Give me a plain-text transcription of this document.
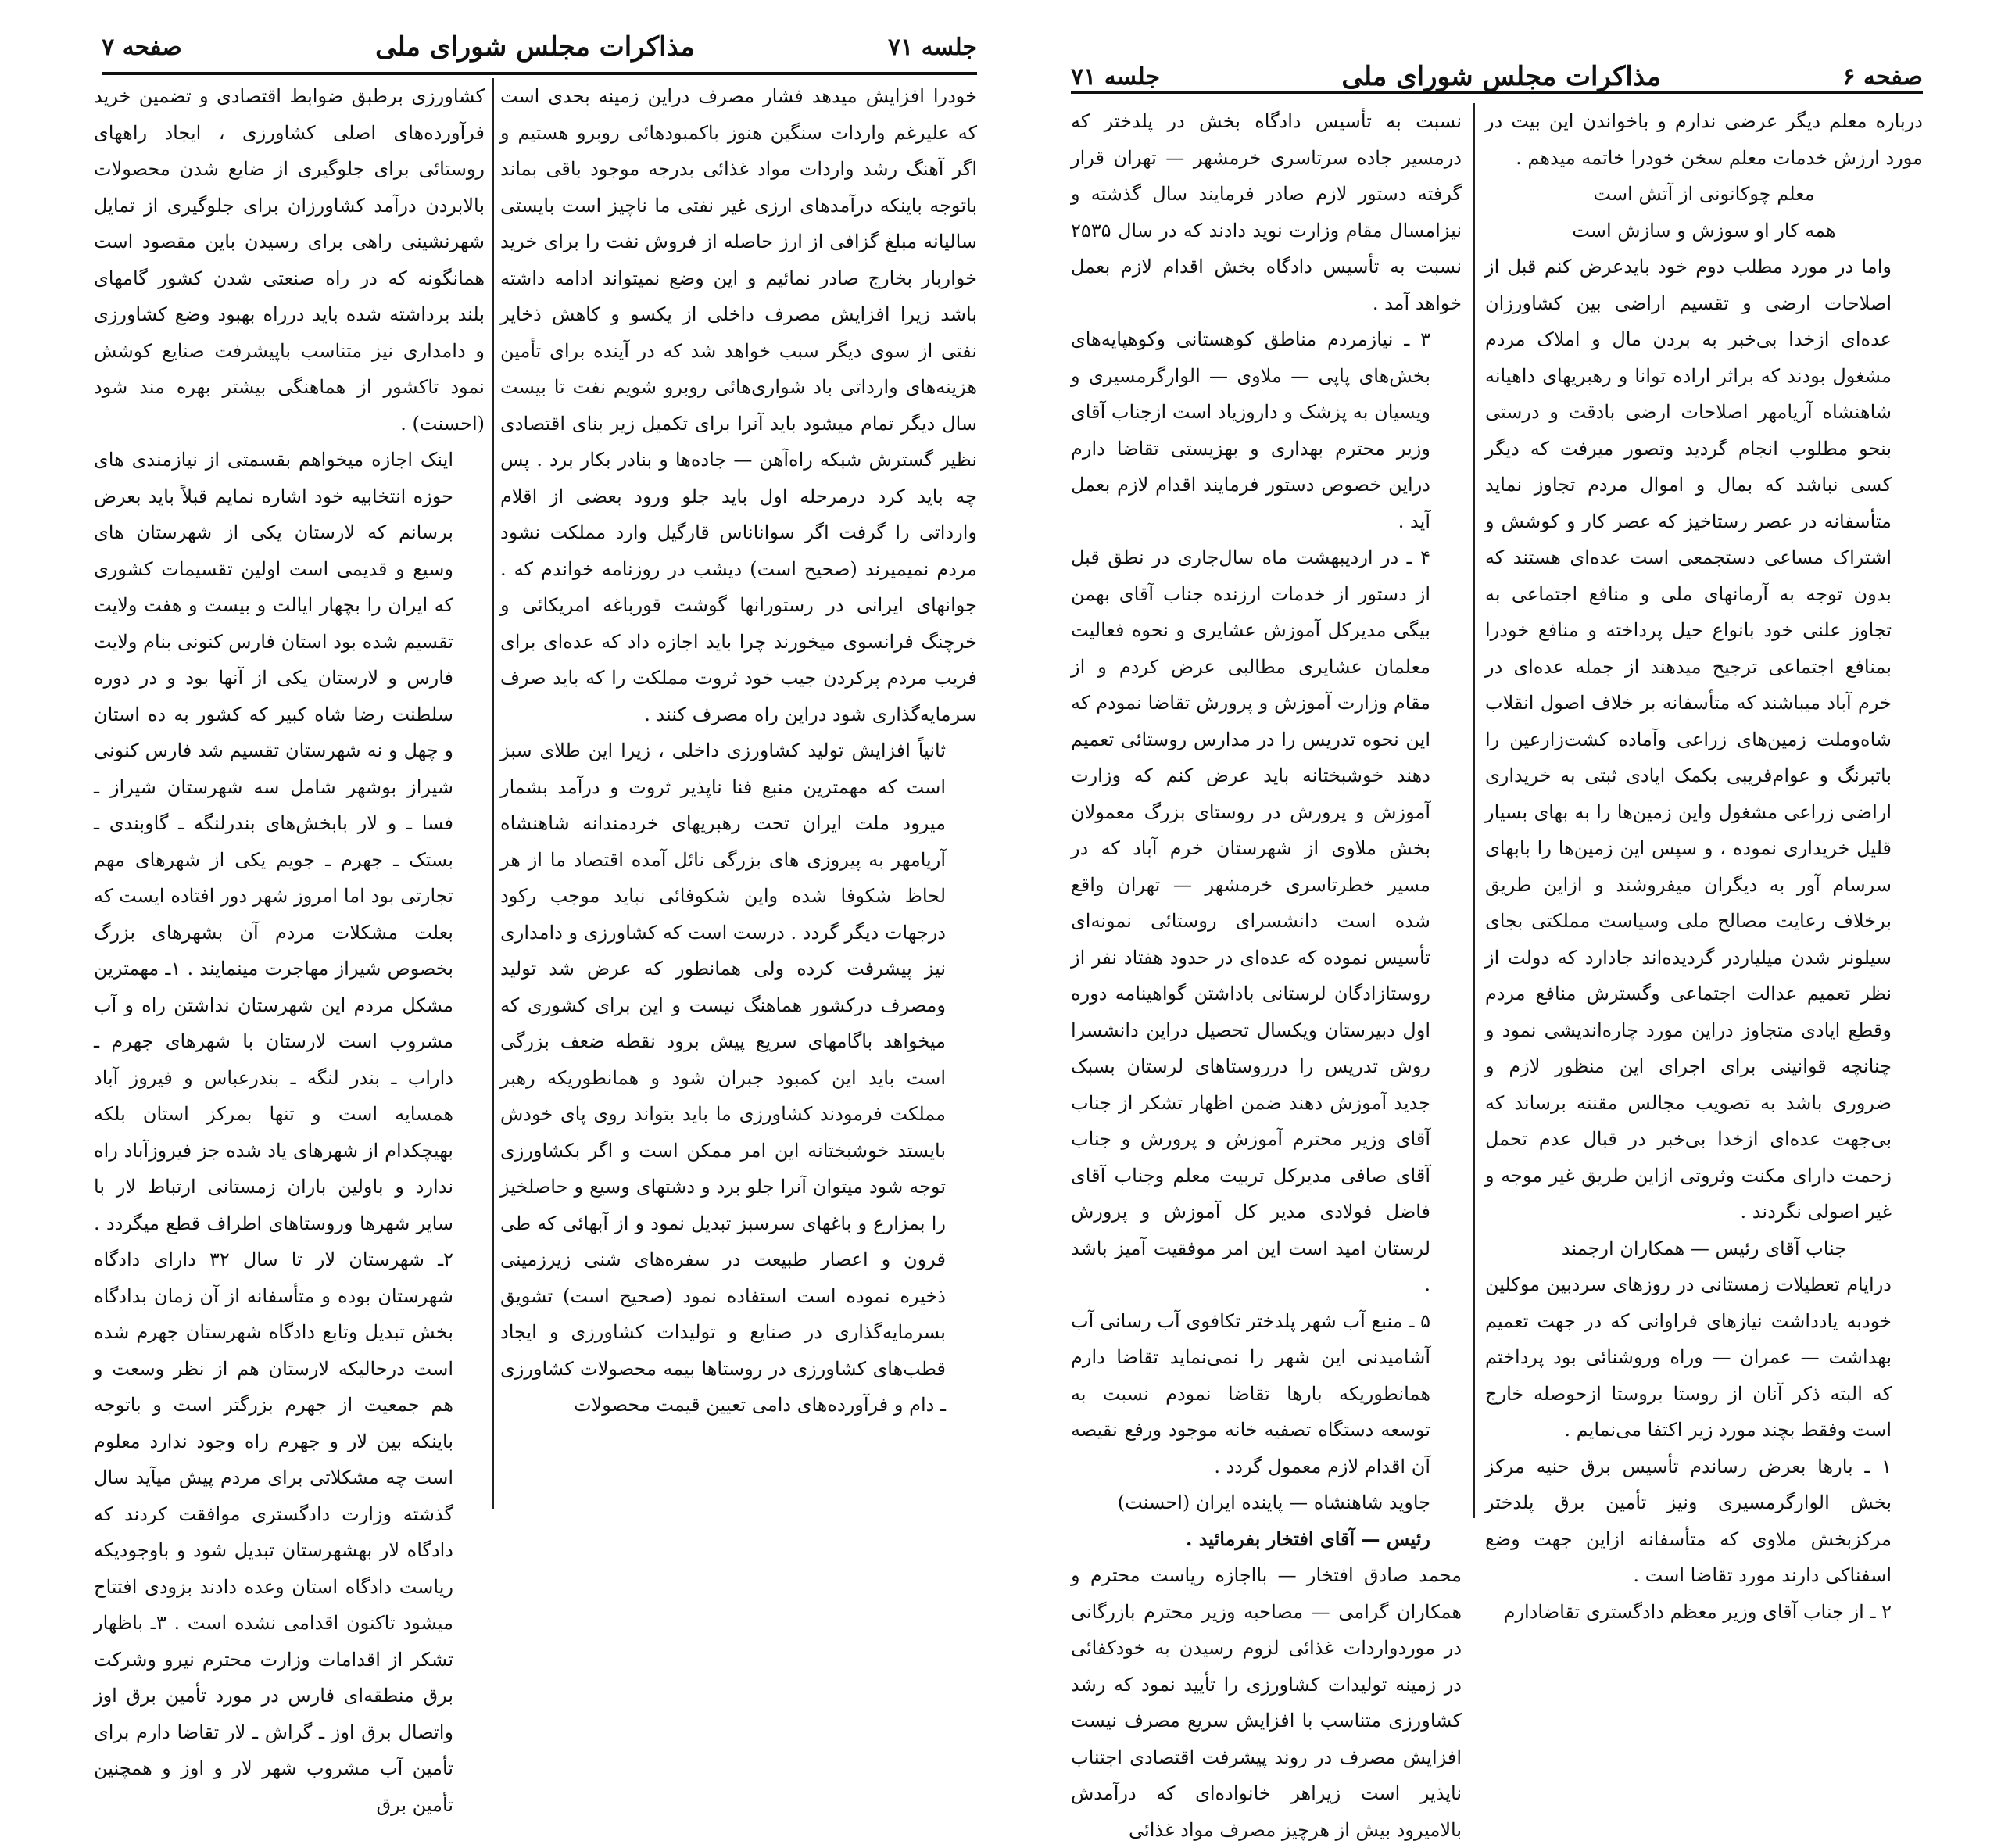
جلسه ۷۱
مذاکرات مجلس شورای ملی
صفحه ۷

خودرا افزایش میدهد فشار مصرف دراین زمینه بحدی است که علیرغم واردات سنگین هنوز باکمبودهائی روبرو هستیم و اگر آهنگ رشد واردات مواد غذائی بدرجه موجود باقی بماند باتوجه باینکه درآمدهای ارزی غیر نفتی ما ناچیز است بایستی سالیانه مبلغ گزافی از ارز حاصله از فروش نفت را برای خرید خواربار بخارج صادر نمائیم و این وضع نمیتواند ادامه داشته باشد زیرا افزایش مصرف داخلی از یکسو و کاهش ذخایر نفتی از سوی دیگر سبب خواهد شد که در آینده برای تأمین هزینه‌های وارداتی باد شواری‌هائی روبرو شویم نفت تا بیست سال دیگر تمام میشود باید آنرا برای تکمیل زیر بنای اقتصادی نظیر گسترش شبکه راه‌آهن — جاده‌ها و بنادر بکار برد . پس چه باید کرد درمرحله اول باید جلو ورود بعضی از اقلام وارداتی را گرفت اگر سواناناس قارگیل وارد مملکت نشود مردم نمیمیرند (صحیح است) دیشب در روزنامه خواندم که . جوانهای ایرانی در رستورانها گوشت قورباغه امریکائی و خرچنگ فرانسوی میخورند چرا باید اجازه داد که عده‌ای برای فریب مردم پرکردن جیب خود ثروت مملکت را که باید صرف سرمایه‌گذاری شود دراین راه مصرف کنند .

ثانیاً افزایش تولید کشاورزی داخلی ، زیرا این طلای سبز است که مهمترین منبع فنا ناپذیر ثروت و درآمد بشمار میرود ملت ایران تحت رهبریهای خردمندانه شاهنشاه آریامهر به پیروزی های بزرگی نائل آمده اقتصاد ما از هر لحاظ شکوفا شده واین شکوفائی نباید موجب رکود درجهات دیگر گردد . درست است که کشاورزی و دامداری نیز پیشرفت کرده ولی همانطور که عرض شد تولید ومصرف درکشور هماهنگ نیست و این برای کشوری که میخواهد باگامهای سریع پیش برود نقطه ضعف بزرگی است باید این کمبود جبران شود و همانطوریکه رهبر مملکت فرمودند کشاورزی ما باید بتواند روی پای خودش بایستد خوشبختانه این امر ممکن است و اگر بکشاورزی توجه شود میتوان آنرا جلو برد و دشتهای وسیع و حاصلخیز را بمزارع و باغهای سرسبز تبدیل نمود و از آبهائی که طی قرون و اعصار طبیعت در سفره‌های شنی زیرزمینی ذخیره نموده است استفاده نمود (صحیح است) تشویق بسرمایه‌گذاری در صنایع و تولیدات کشاورزی و ایجاد قطب‌های کشاورزی در روستاها بیمه محصولات کشاورزی ـ دام و فرآورده‌های دامی تعیین قیمت محصولات

کشاورزی برطبق ضوابط اقتصادی و تضمین خرید فرآورده‌های اصلی کشاورزی ، ایجاد راههای روستائی برای جلوگیری از ضایع شدن محصولات بالابردن درآمد کشاورزان برای جلوگیری از تمایل شهرنشینی راهی برای رسیدن باین مقصود است همانگونه که در راه صنعتی شدن کشور گامهای بلند برداشته شده باید درراه بهبود وضع کشاورزی و دامداری نیز متناسب باپیشرفت صنایع کوشش نمود تاکشور از هماهنگی بیشتر بهره مند شود (احسنت) .

اینک اجازه میخواهم بقسمتی از نیازمندی های حوزه انتخابیه خود اشاره نمایم قبلاً باید بعرض برسانم که لارستان یکی از شهرستان های وسیع و قدیمی است اولین تقسیمات کشوری که ایران را بچهار ایالت و بیست و هفت ولایت تقسیم شده بود استان فارس کنونی بنام ولایت فارس و لارستان یکی از آنها بود و در دوره سلطنت رضا شاه کبیر که کشور به ده استان و چهل و نه شهرستان تقسیم شد فارس کنونی شیراز بوشهر شامل سه شهرستان شیراز ـ فسا ـ و لار بابخش‌های بندرلنگه ـ گاوبندی ـ بستک ـ جهرم ـ جویم یکی از شهرهای مهم تجارتی بود اما امروز شهر دور افتاده ایست که بعلت مشکلات مردم آن بشهرهای بزرگ بخصوص شیراز مهاجرت مینمایند . ۱ـ مهمترین مشکل مردم این شهرستان نداشتن راه و آب مشروب است لارستان با شهرهای جهرم ـ داراب ـ بندر لنگه ـ بندرعباس و فیروز آباد همسایه است و تنها بمرکز استان بلکه بهیچکدام از شهرهای یاد شده جز فیروزآباد راه ندارد و باولین باران زمستانی ارتباط لار با سایر شهرها وروستاهای اطراف قطع میگردد . ۲ـ شهرستان لار تا سال ۳۲ دارای دادگاه شهرستان بوده و متأسفانه از آن زمان بدادگاه بخش تبدیل وتابع دادگاه شهرستان جهرم شده است درحالیکه لارستان هم از نظر وسعت و هم جمعیت از جهرم بزرگتر است و باتوجه باینکه بین لار و جهرم راه وجود ندارد معلوم است چه مشکلاتی برای مردم پیش میآید سال گذشته وزارت دادگستری موافقت کردند که دادگاه لار بهشهرستان تبدیل شود و باوجودیکه ریاست دادگاه استان وعده دادند بزودی افتتاح میشود تاکنون اقدامی نشده است . ۳ـ باظهار تشکر از اقدامات وزارت محترم نیرو وشرکت برق منطقه‌ای فارس در مورد تأمین برق اوز واتصال برق اوز ـ گراش ـ لار تقاضا دارم برای تأمین آب مشروب شهر لار و اوز و همچنین تأمین برق

صفحه ۶
مذاکرات مجلس شورای ملی
جلسه ۷۱

درباره معلم دیگر عرضی ندارم و باخواندن این بیت در مورد ارزش خدمات معلم سخن خودرا خاتمه میدهم .

معلم چوکانونی از آتش است

همه کار او سوزش و سازش است

واما در مورد مطلب دوم خود بایدعرض کنم قبل از اصلاحات ارضی و تقسیم اراضی بین کشاورزان عده‌ای ازخدا بی‌خبر به بردن مال و املاک مردم مشغول بودند که براثر اراده توانا و رهبریهای داهیانه شاهنشاه آریامهر اصلاحات ارضی بادقت و درستی بنحو مطلوب انجام گردید وتصور میرفت که دیگر کسی نباشد که بمال و اموال مردم تجاوز نماید متأسفانه در عصر رستاخیز که عصر کار و کوشش و اشتراک مساعی دستجمعی است عده‌ای هستند که بدون توجه به آرمانهای ملی و منافع اجتماعی به تجاوز علنی خود بانواع حیل پرداخته و منافع خودرا بمنافع اجتماعی ترجیح میدهند از جمله عده‌ای در خرم آباد میباشند که متأسفانه بر خلاف اصول انقلاب شاه‌وملت زمین‌های زراعی وآماده کشت‌زارعین را باتبرنگ و عوام‌فریبی بکمک ایادی ثبتی به خریداری اراضی زراعی مشغول واین زمین‌ها را به بهای بسیار قلیل خریداری نموده ، و سپس این زمین‌ها را بابهای سرسام آور به دیگران میفروشند و ازاین طریق برخلاف رعایت مصالح ملی وسیاست مملکتی بجای سیلونر شدن میلیاردر گردیده‌اند جادارد که دولت از نظر تعمیم عدالت اجتماعی وگسترش منافع مردم وقطع ایادی متجاوز دراین مورد چاره‌اندیشی نمود و چنانچه قوانینی برای اجرای این منظور لازم و ضروری باشد به تصویب مجالس مقننه برساند که بی‌جهت عده‌ای ازخدا بی‌خبر در قبال عدم تحمل زحمت دارای مکنت وثروتی ازاین طریق غیر موجه و غیر اصولی نگردند .

جناب آقای رئیس — همکاران ارجمند

درایام تعطیلات زمستانی در روزهای سردبین موکلین خودبه یادداشت نیازهای فراوانی که در جهت تعمیم بهداشت — عمران — وراه وروشنائی بود پرداختم که البته ذکر آنان از روستا بروستا ازحوصله خارج است وفقط بچند مورد زیر اکتفا می‌نمایم .

۱ ـ بارها بعرض رساندم تأسیس برق حنیه مرکز بخش الوارگرمسیری ونیز تأمین برق پلدختر مرکزبخش ملاوی که متأسفانه ازاین جهت وضع اسفناکی دارند مورد تقاضا است .

۲ ـ از جناب آقای وزیر معظم دادگستری تقاضادارم

نسبت به تأسیس دادگاه بخش در پلدختر که درمسیر جاده سرتاسری خرمشهر — تهران قرار گرفته دستور لازم صادر فرمایند سال گذشته و نیزامسال مقام وزارت نوید دادند که در سال ۲۵۳۵ نسبت به تأسیس دادگاه بخش اقدام لازم بعمل خواهد آمد .

۳ ـ نیازمردم مناطق کوهستانی وکوهپایه‌های بخش‌های پاپی — ملاوی — الوارگرمسیری و ویسیان به پزشک و داروزیاد است ازجناب آقای وزیر محترم بهداری و بهزیستی تقاضا دارم دراین خصوص دستور فرمایند اقدام لازم بعمل آید .

۴ ـ در اردیبهشت ماه سال‌جاری در نطق قبل از دستور از خدمات ارزنده جناب آقای بهمن بیگی مدیرکل آموزش عشایری و نحوه فعالیت معلمان عشایری مطالبی عرض کردم و از مقام وزارت آموزش و پرورش تقاضا نمودم که این نحوه تدریس را در مدارس روستائی تعمیم دهند خوشبختانه باید عرض کنم که وزارت آموزش و پرورش در روستای بزرگ معمولان بخش ملاوی از شهرستان خرم آباد که در مسیر خطرتاسری خرمشهر — تهران واقع شده است دانشسرای روستائی نمونه‌ای تأسیس نموده که عده‌ای در حدود هفتاد نفر از روستازادگان لرستانی باداشتن گواهینامه دوره اول دبیرستان ویکسال تحصیل دراین دانشسرا روش تدریس را درروستاهای لرستان بسبک جدید آموزش دهند ضمن اظهار تشکر از جناب آقای وزیر محترم آموزش و پرورش و جناب آقای صافی مدیرکل تربیت معلم وجناب آقای فاضل فولادی مدیر کل آموزش و پرورش لرستان امید است این امر موفقیت آمیز باشد .

۵ ـ منبع آب شهر پلدختر تکافوی آب رسانی آب آشامیدنی این شهر را نمی‌نماید تقاضا دارم همانطوریکه بارها تقاضا نمودم نسبت به توسعه دستگاه تصفیه خانه موجود ورفع نقیصه آن اقدام لازم معمول گردد .

جاوید شاهنشاه — پاینده ایران (احسنت)

رئیس — آقای افتخار بفرمائید .

محمد صادق افتخار — بااجازه ریاست محترم و همکاران گرامی — مصاحبه وزیر محترم بازرگانی در موردواردات غذائی لزوم رسیدن به خودکفائی در زمینه تولیدات کشاورزی را تأیید نمود که رشد کشاورزی متناسب با افزایش سریع مصرف نیست افزایش مصرف در روند پیشرفت اقتصادی اجتناب ناپذیر است زیراهر خانواده‌ای که درآمدش بالامیرود بیش از هرچیز مصرف مواد غذائی
